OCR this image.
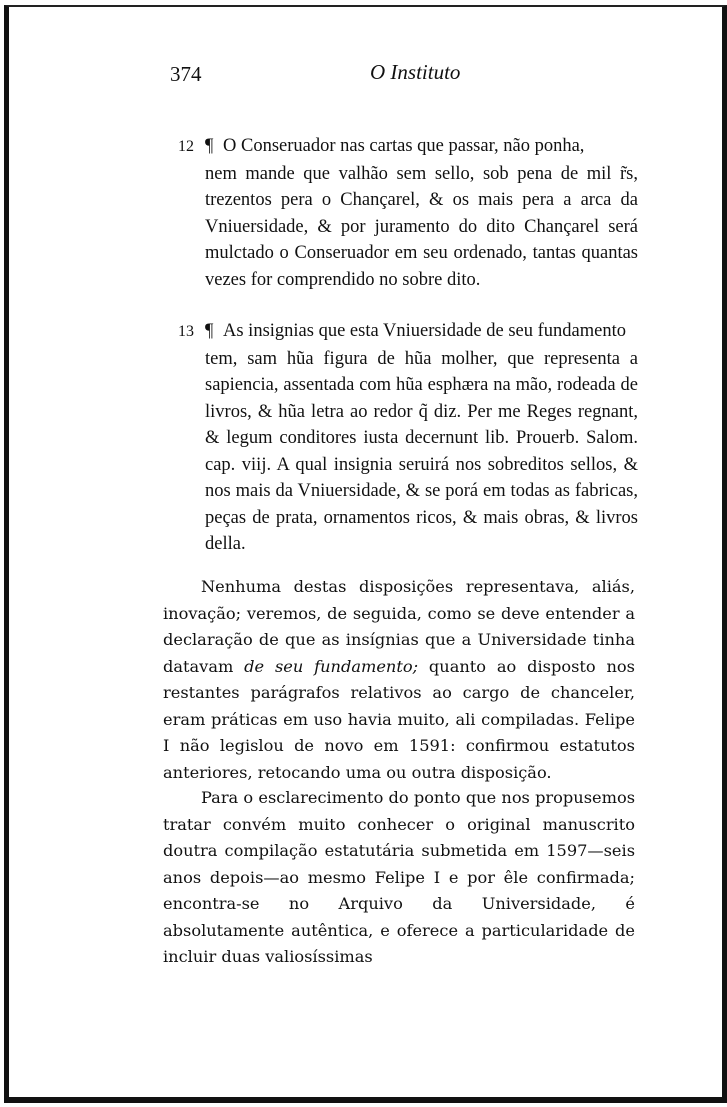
374	O Instituto
12 ¶ O Conseruador nas cartas que passar, não ponha,
nem mande que valhão sem sello, sob pena de mil r̃s, trezentos pera o Chançarel, & os mais pera a arca da Vniuersidade, & por juramento do dito Chançarel será mulctado o Conseruador em seu ordenado, tantas quantas vezes for comprendido no sobre dito.
13 ¶ As insignias que esta Vniuersidade de seu fundamento
tem, sam hũa figura de hũa molher, que representa a sapiencia, assentada com hũa esphæra na mão, rodeada de livros, & hũa letra ao redor q̃ diz. Per me Reges regnant, & legum conditores iusta decernunt lib. Prouerb. Salom. cap. viij. A qual insignia seruirá nos sobreditos sellos, & nos mais da Vniuersidade, & se porá em todas as fabricas, peças de prata, ornamentos ricos, & mais obras, & livros della.
Nenhuma destas disposições representava, aliás, inovação; veremos, de seguida, como se deve entender a declaração de que as insígnias que a Universidade tinha datavam de seu fundamento; quanto ao disposto nos restantes parágrafos relativos ao cargo de chanceler, eram práticas em uso havia muito, ali compiladas. Felipe I não legislou de novo em 1591: confirmou estatutos anteriores, retocando uma ou outra disposição.
Para o esclarecimento do ponto que nos propusemos tratar convém muito conhecer o original manuscrito doutra compilação estatutária submetida em 1597—seis anos depois—ao mesmo Felipe I e por êle confirmada; encontra-se no Arquivo da Universidade, é absolutamente autêntica, e oferece a particularidade de incluir duas valiosíssimas
